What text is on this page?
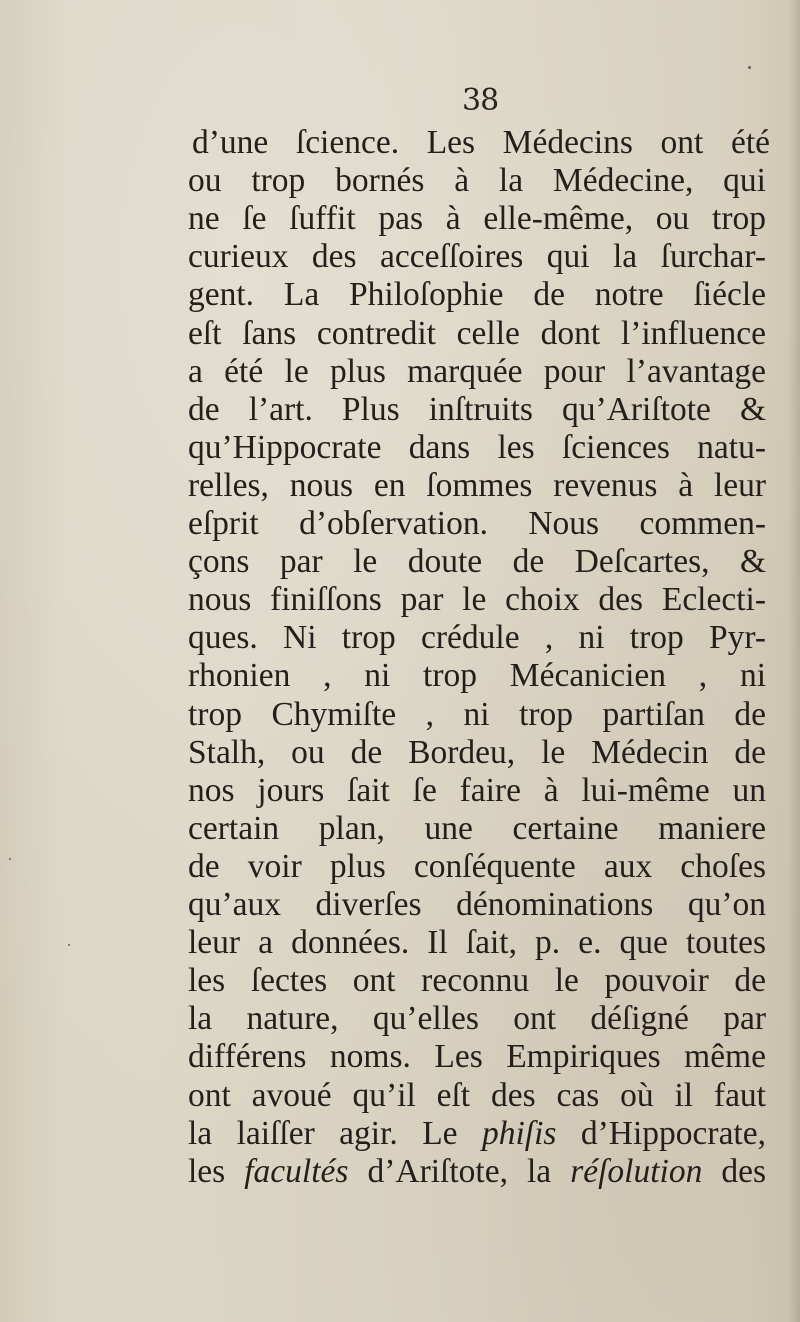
38
d’une ſcience. Les Médecins ont été
ou trop bornés à la Médecine, qui
ne ſe ſuffit pas à elle-même, ou trop
curieux des acceſſoires qui la ſurchar-
gent. La Philoſophie de notre ſiécle
eſt ſans contredit celle dont l’influence
a été le plus marquée pour l’avantage
de l’art. Plus inſtruits qu’Ariſtote &
qu’Hippocrate dans les ſciences natu-
relles, nous en ſommes revenus à leur
eſprit d’obſervation. Nous commen-
çons par le doute de Deſcartes, &
nous finiſſons par le choix des Eclecti-
ques. Ni trop crédule , ni trop Pyr-
rhonien , ni trop Mécanicien , ni
trop Chymiſte , ni trop partiſan de
Stalh, ou de Bordeu, le Médecin de
nos jours ſait ſe faire à lui-même un
certain plan, une certaine maniere
de voir plus conſéquente aux choſes
qu’aux diverſes dénominations qu’on
leur a données. Il ſait, p. e. que toutes
les ſectes ont reconnu le pouvoir de
la nature, qu’elles ont déſigné par
différens noms. Les Empiriques même
ont avoué qu’il eſt des cas où il faut
la laiſſer agir. Le phiſis d’Hippocrate,
les facultés d’Ariſtote, la réſolution des
